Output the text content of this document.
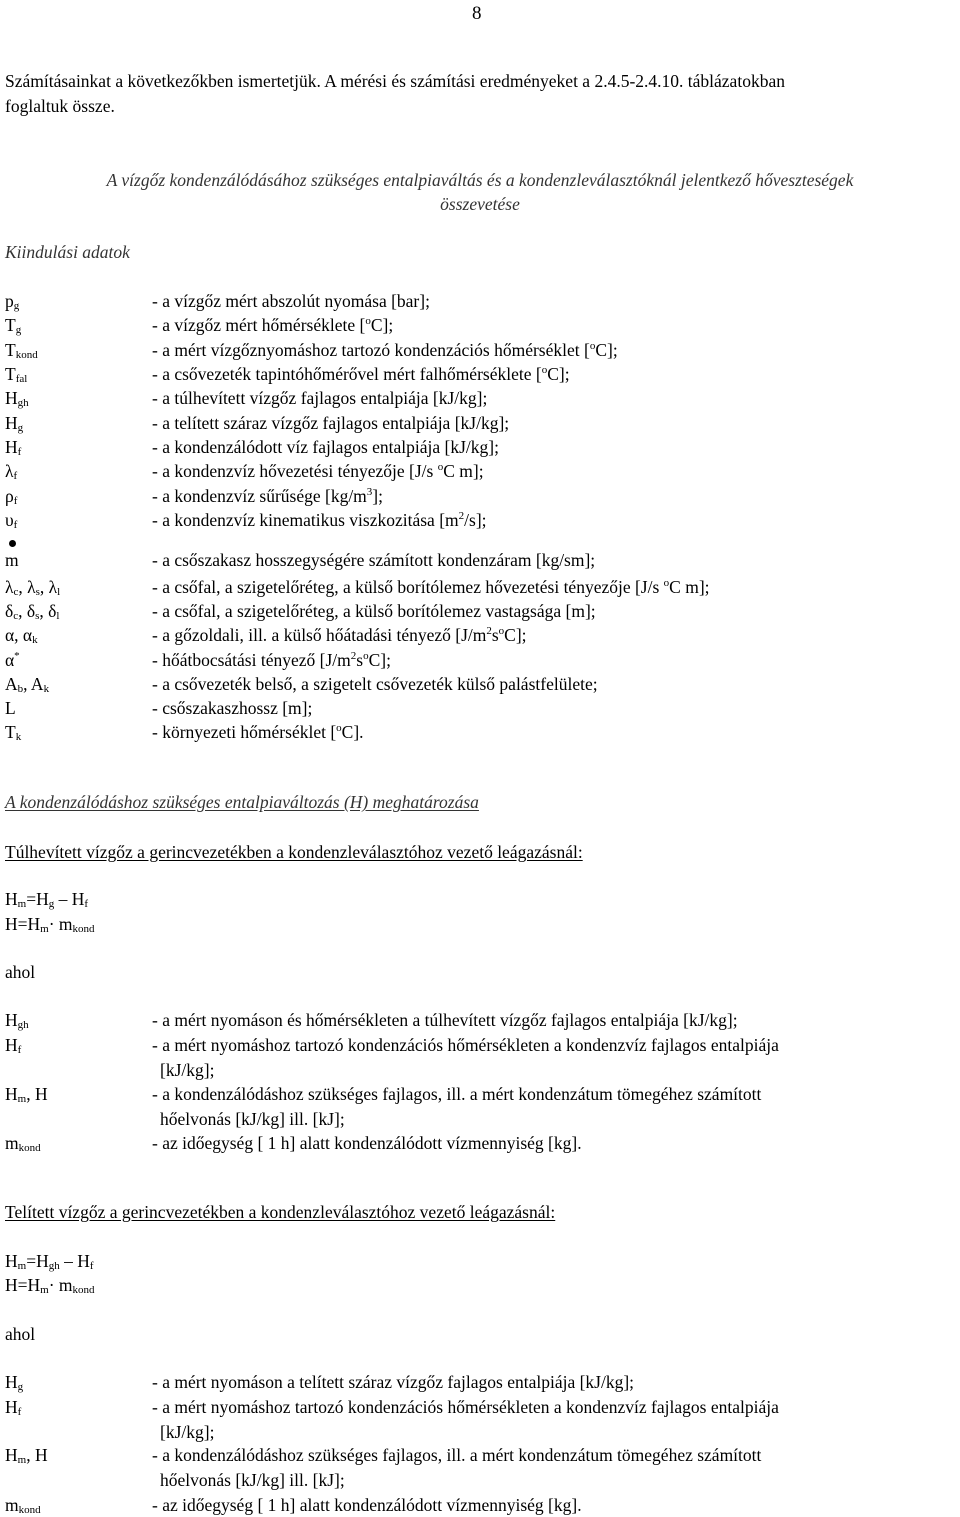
8
Számításainkat a következőkben ismertetjük. A mérési és számítási eredményeket a 2.4.5-2.4.10. táblázatokban
foglaltuk össze.
A vízgőz kondenzálódásához szükséges entalpiaváltás és a kondenzleválasztóknál jelentkező hőveszteségek
összevetése
Kiindulási adatok
$p_g$	- a vízgőz mért abszolút nyomása [bar];
$T_g$	- a vízgőz mért hőmérséklete [$^o$C];
$T_{kond}$	- a mért vízgőznyomáshoz tartozó kondenzációs hőmérséklet [$^o$C];
$T_{fal}$	- a csővezeték tapintóhőmérővel mért falhőmérséklete [$^o$C];
$H_{gh}$	- a túlhevített vízgőz fajlagos entalpiája [kJ/kg];
$H_g$	- a telített száraz vízgőz fajlagos entalpiája [kJ/kg];
$H_f$	- a kondenzálódott víz fajlagos entalpiája [kJ/kg];
$\lambda_f$	- a kondenzvíz hővezetési tényezője [J/s $^o$C m];
$\rho_f$	- a kondenzvíz sűrűsége $[kg/m^3]$;
$\upsilon_f$	- a kondenzvíz kinematikus viszkozitása $[m^2/s]$;
m	- a csőszakasz hosszegységére számított kondenzáram [kg/sm];
$\lambda_c$, $\lambda_s$, $\lambda_l$	- a csőfal, a szigetelőréteg, a külső borítólemez hővezetési tényezője [J/s $^o$C m];
$\delta_c$, $\delta_s$, $\delta_l$	- a csőfal, a szigetelőréteg, a külső borítólemez vastagsága [m];
α, $\alpha_k$	- a gőzoldali, ill. a külső hőátadási tényező $[J/m^2s^oC]$;
α*	- hőátbocsátási tényező $[J/m^2s^oC]$;
$A_b$, $A_k$	- a csővezeték belső, a szigetelt csővezeték külső palástfelülete;
L	- csőszakaszhossz [m];
$T_k$	- környezeti hőmérséklet [$^o$C].
A kondenzálódáshoz szükséges entalpiaváltozás (H) meghatározása
Túlhevített vízgőz a gerincvezetékben a kondenzleválasztóhoz vezető leágazásnál:
$H_m=H_g - H_f$
$H=H_m\cdot m_{kond}$
ahol
$H_{gh}$	- a mért nyomáson és hőmérsékleten a túlhevített vízgőz fajlagos entalpiája [kJ/kg];
$H_f$	- a mért nyomáshoz tartozó kondenzációs hőmérsékleten a kondenzvíz fajlagos entalpiája
[kJ/kg];
$H_m$, H	- a kondenzálódáshoz szükséges fajlagos, ill. a mért kondenzátum tömegéhez számított
hőelvonás [kJ/kg] ill. [kJ];
$m_{kond}$	- az időegység [ 1 h] alatt kondenzálódott vízmennyiség [kg].
Telített vízgőz a gerincvezetékben a kondenzleválasztóhoz vezető leágazásnál:
$H_m=H_{gh} - H_f$
$H=H_m\cdot m_{kond}$
ahol
$H_g$	- a mért nyomáson a telített száraz vízgőz fajlagos entalpiája [kJ/kg];
$H_f$	- a mért nyomáshoz tartozó kondenzációs hőmérsékleten a kondenzvíz fajlagos entalpiája
[kJ/kg];
$H_m$, H	- a kondenzálódáshoz szükséges fajlagos, ill. a mért kondenzátum tömegéhez számított
hőelvonás [kJ/kg] ill. [kJ];
$m_{kond}$	- az időegység [ 1 h] alatt kondenzálódott vízmennyiség [kg].
